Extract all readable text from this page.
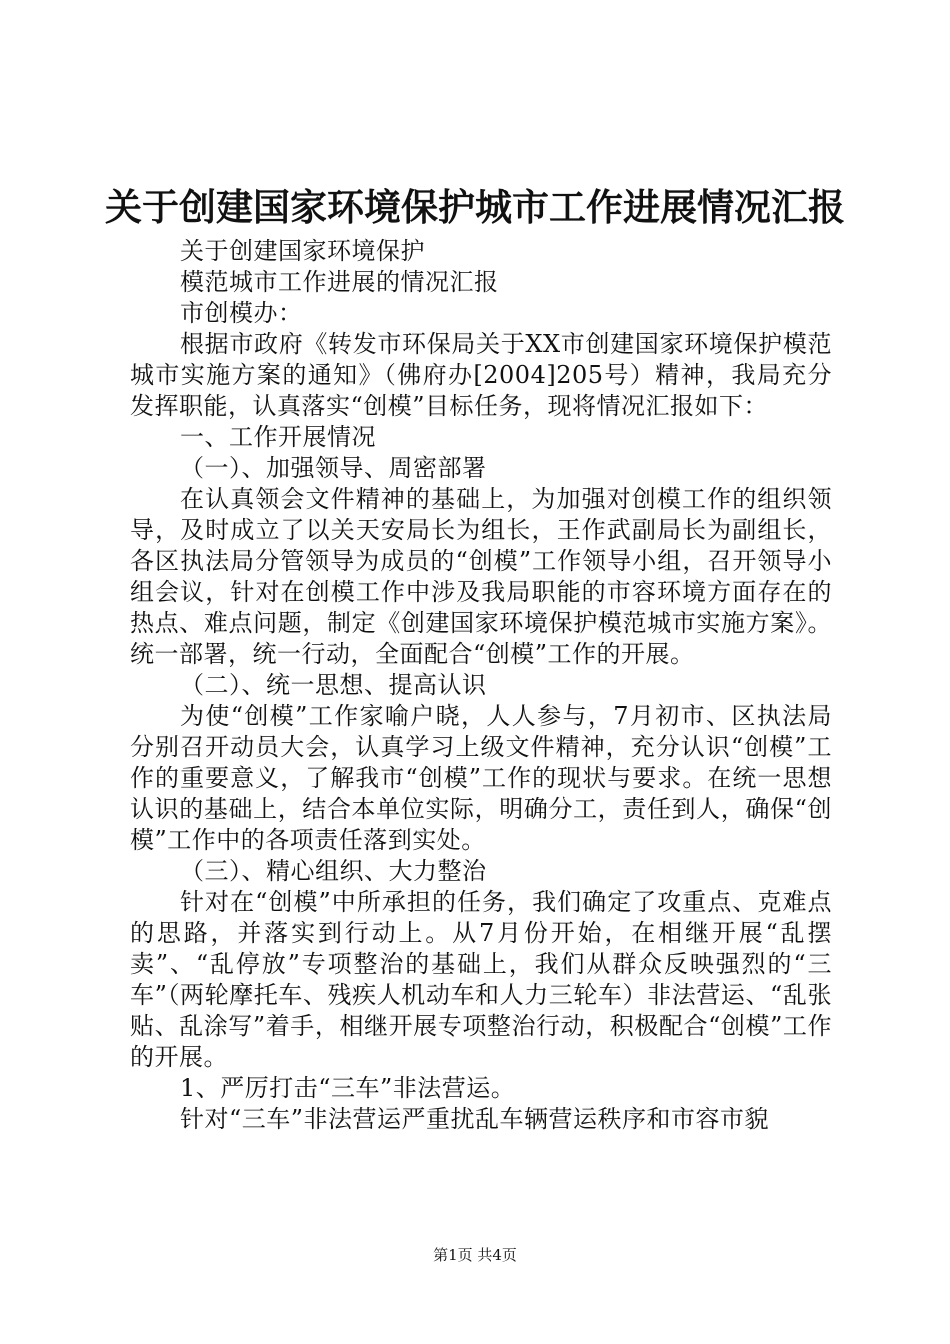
关于创建国家环境保护城市工作进展情况汇报

关于创建国家环境保护

模范城市工作进展的情况汇报

市创模办：

根据市政府《转发市环保局关于XX市创建国家环境保护模范城市实施方案的通知》（佛府办[2004]205号）精神，我局充分发挥职能，认真落实“创模”目标任务，现将情况汇报如下：

一、工作开展情况

（一）、加强领导、周密部署

在认真领会文件精神的基础上，为加强对创模工作的组织领导，及时成立了以关天安局长为组长，王作武副局长为副组长，各区执法局分管领导为成员的“创模”工作领导小组，召开领导小组会议，针对在创模工作中涉及我局职能的市容环境方面存在的热点、难点问题，制定《创建国家环境保护模范城市实施方案》。统一部署，统一行动，全面配合“创模”工作的开展。

（二）、统一思想、提高认识

为使“创模”工作家喻户晓，人人参与，7月初市、区执法局分别召开动员大会，认真学习上级文件精神，充分认识“创模”工作的重要意义，了解我市“创模”工作的现状与要求。在统一思想认识的基础上，结合本单位实际，明确分工，责任到人，确保“创模”工作中的各项责任落到实处。

（三）、精心组织、大力整治

针对在“创模”中所承担的任务，我们确定了攻重点、克难点的思路，并落实到行动上。从7月份开始，在相继开展“乱摆卖”、“乱停放”专项整治的基础上，我们从群众反映强烈的“三车”（两轮摩托车、残疾人机动车和人力三轮车）非法营运、“乱张贴、乱涂写”着手，相继开展专项整治行动，积极配合“创模”工作的开展。

1、严厉打击“三车”非法营运。

针对“三车”非法营运严重扰乱车辆营运秩序和市容市貌

第1页 共4页
